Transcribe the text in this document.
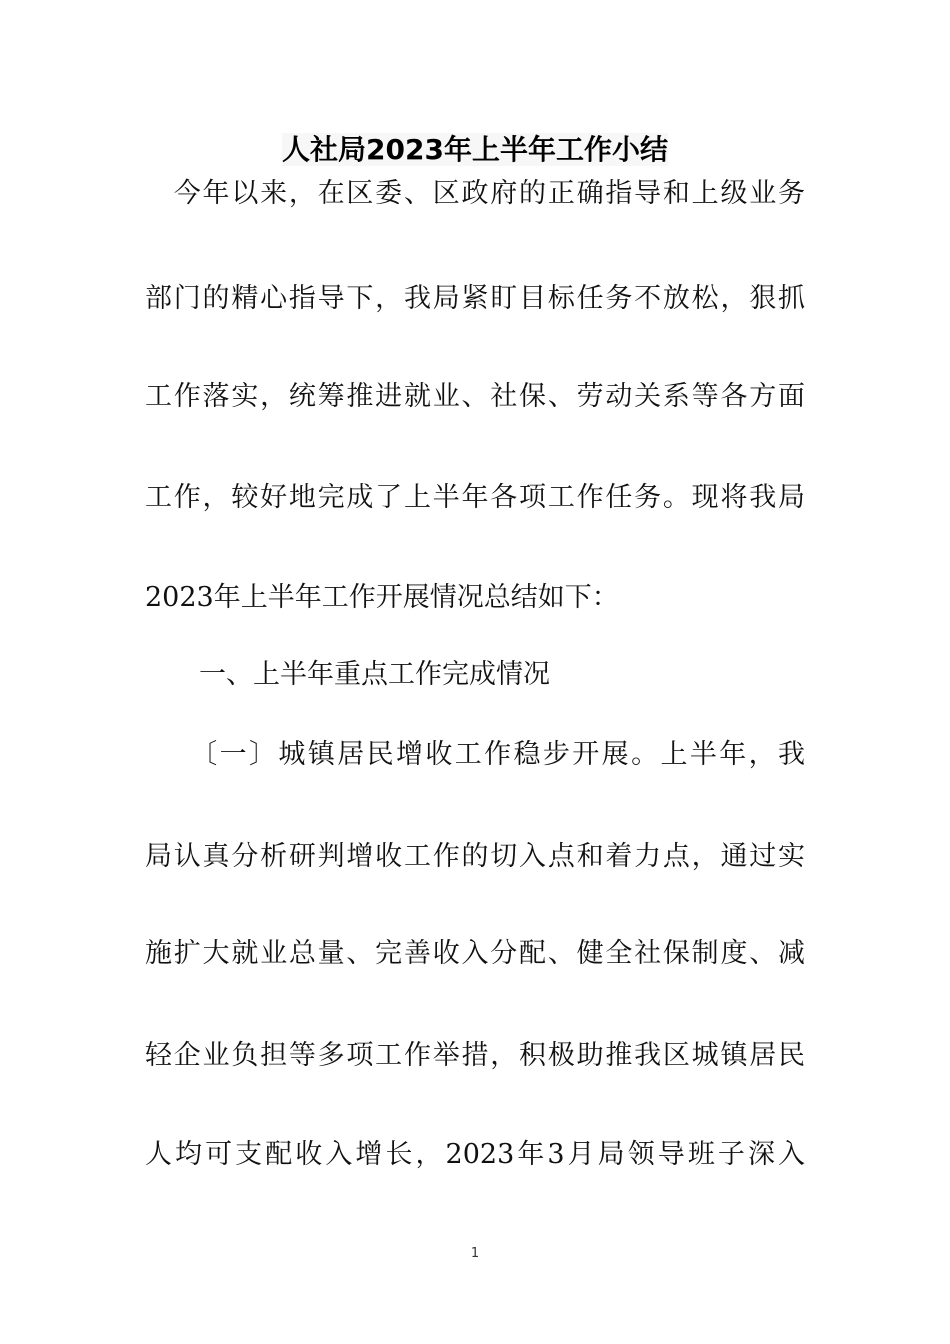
人社局2023年上半年工作小结
　今年以来，在区委、区政府的正确指导和上级业务
部门的精心指导下，我局紧盯目标任务不放松，狠抓
工作落实，统筹推进就业、社保、劳动关系等各方面
工作，较好地完成了上半年各项工作任务。现将我局
2023年上半年工作开展情况总结如下：
　　一、上半年重点工作完成情况
　　〔一〕城镇居民增收工作稳步开展。上半年，我
局认真分析研判增收工作的切入点和着力点，通过实
施扩大就业总量、完善收入分配、健全社保制度、减
轻企业负担等多项工作举措，积极助推我区城镇居民
人均可支配收入增长，2023年3月局领导班子深入
1
